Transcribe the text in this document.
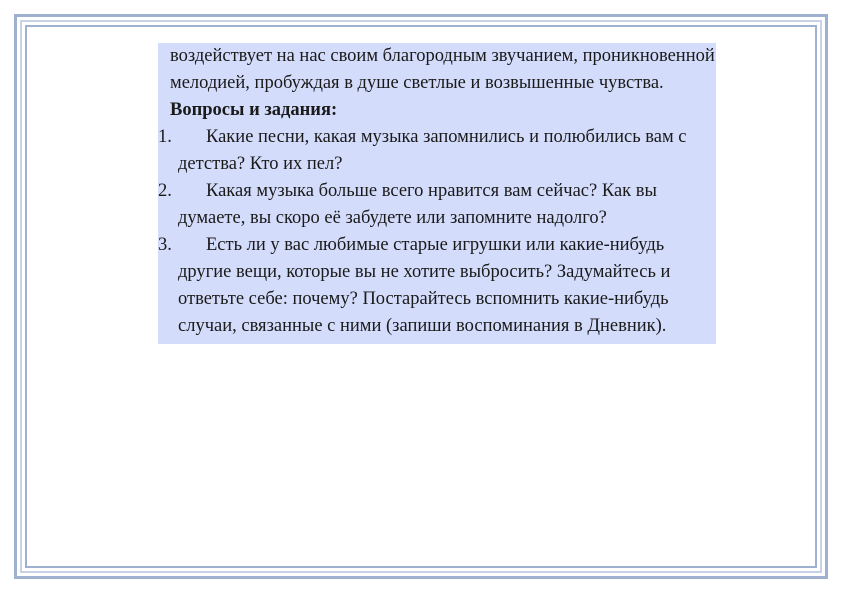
воздействует на нас своим благородным звучанием, проникновенной мелодией, пробуждая в душе светлые и возвышенные чувства.

Вопросы и задания:

1.	Какие песни, какая музыка запомнились и полюбились вам с детства? Кто их пел?
2.	Какая музыка больше всего нравится вам сейчас? Как вы думаете, вы скоро её забудете или запомните надолго?
3.	Есть ли у вас любимые старые игрушки или какие-нибудь другие вещи, которые вы не хотите выбросить? Задумайтесь и ответьте себе: почему? Постарайтесь вспомнить какие-нибудь случаи, связанные с ними (запиши воспоминания в Дневник).
